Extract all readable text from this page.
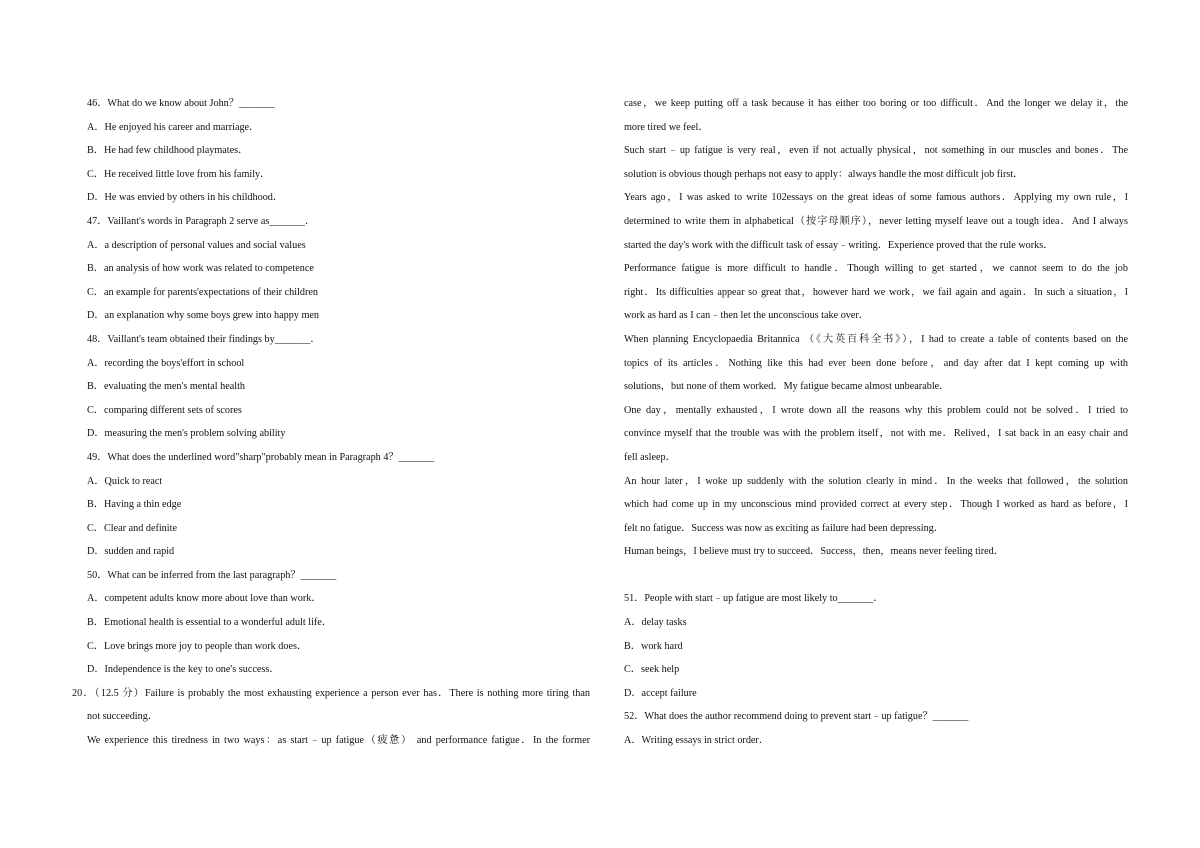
46．What do we know about John？_______
A．He enjoyed his career and marriage．
B．He had few childhood playmates．
C．He received little love from his family．
D．He was envied by others in his childhood．
47．Vaillant's words in Paragraph 2 serve as_______．
A．a description of personal values and social values
B．an analysis of how work was related to competence
C．an example for parents'expectations of their children
D．an explanation why some boys grew into happy men
48．Vaillant's team obtained their findings by_______．
A．recording the boys'effort in school
B．evaluating the men's mental health
C．comparing different sets of scores
D．measuring the men's problem solving ability
49．What does the underlined word"sharp"probably mean in Paragraph 4？_______
A．Quick to react
B．Having a thin edge
C．Clear and definite
D．sudden and rapid
50．What can be inferred from the last paragraph？_______
A．competent adults know more about love than work．
B．Emotional health is essential to a wonderful adult life．
C．Love brings more joy to people than work does．
D．Independence is the key to one's success．
20．（12.5 分）Failure is probably the most exhausting experience a person ever has．There is nothing more tiring than
not succeeding．
We experience this tiredness in two ways：as start﹣up fatigue（疲惫） and performance fatigue．In the former
case，we keep putting off a task because it has either too boring or too difficult．And the longer we delay it，the
more tired we feel．
Such start﹣up fatigue is very real，even if not actually physical，not something in our muscles and bones．The
solution is obvious though perhaps not easy to apply：always handle the most difficult job first．
Years ago，I was asked to write 102essays on the great ideas of some famous authors．Applying my own rule，I
determined to write them in alphabetical（按字母顺序），never letting myself leave out a tough idea．And I always
started the day's work with the difficult task of essay﹣writing．Experience proved that the rule works．
Performance fatigue is more difficult to handle．Though willing to get started，we cannot seem to do the job
right．Its difficulties appear so great that，however hard we work，we fail again and again．In such a situation，I
work as hard as I can﹣then let the unconscious take over．
When planning Encyclopaedia Britannica （《大英百科全书》），I had to create a table of contents based on the
topics of its articles．Nothing like this had ever been done before，and day after dat I kept coming up with
solutions，but none of them worked．My fatigue became almost unbearable．
One day，mentally exhausted，I wrote down all the reasons why this problem could not be solved．I tried to
convince myself that the trouble was with the problem itself，not with me．Relived，I sat back in an easy chair and
fell asleep．
An hour later，I woke up suddenly with the solution clearly in mind．In the weeks that followed，the solution
which had come up in my unconscious mind provided correct at every step．Though I worked as hard as before，I
felt no fatigue．Success was now as exciting as failure had been depressing．
Human beings，I believe must try to succeed．Success，then，means never feeling tired．
51．People with start﹣up fatigue are most likely to_______．
A．delay tasks
B．work hard
C．seek help
D．accept failure
52．What does the author recommend doing to prevent start﹣up fatigue？_______
A．Writing essays in strict order．
